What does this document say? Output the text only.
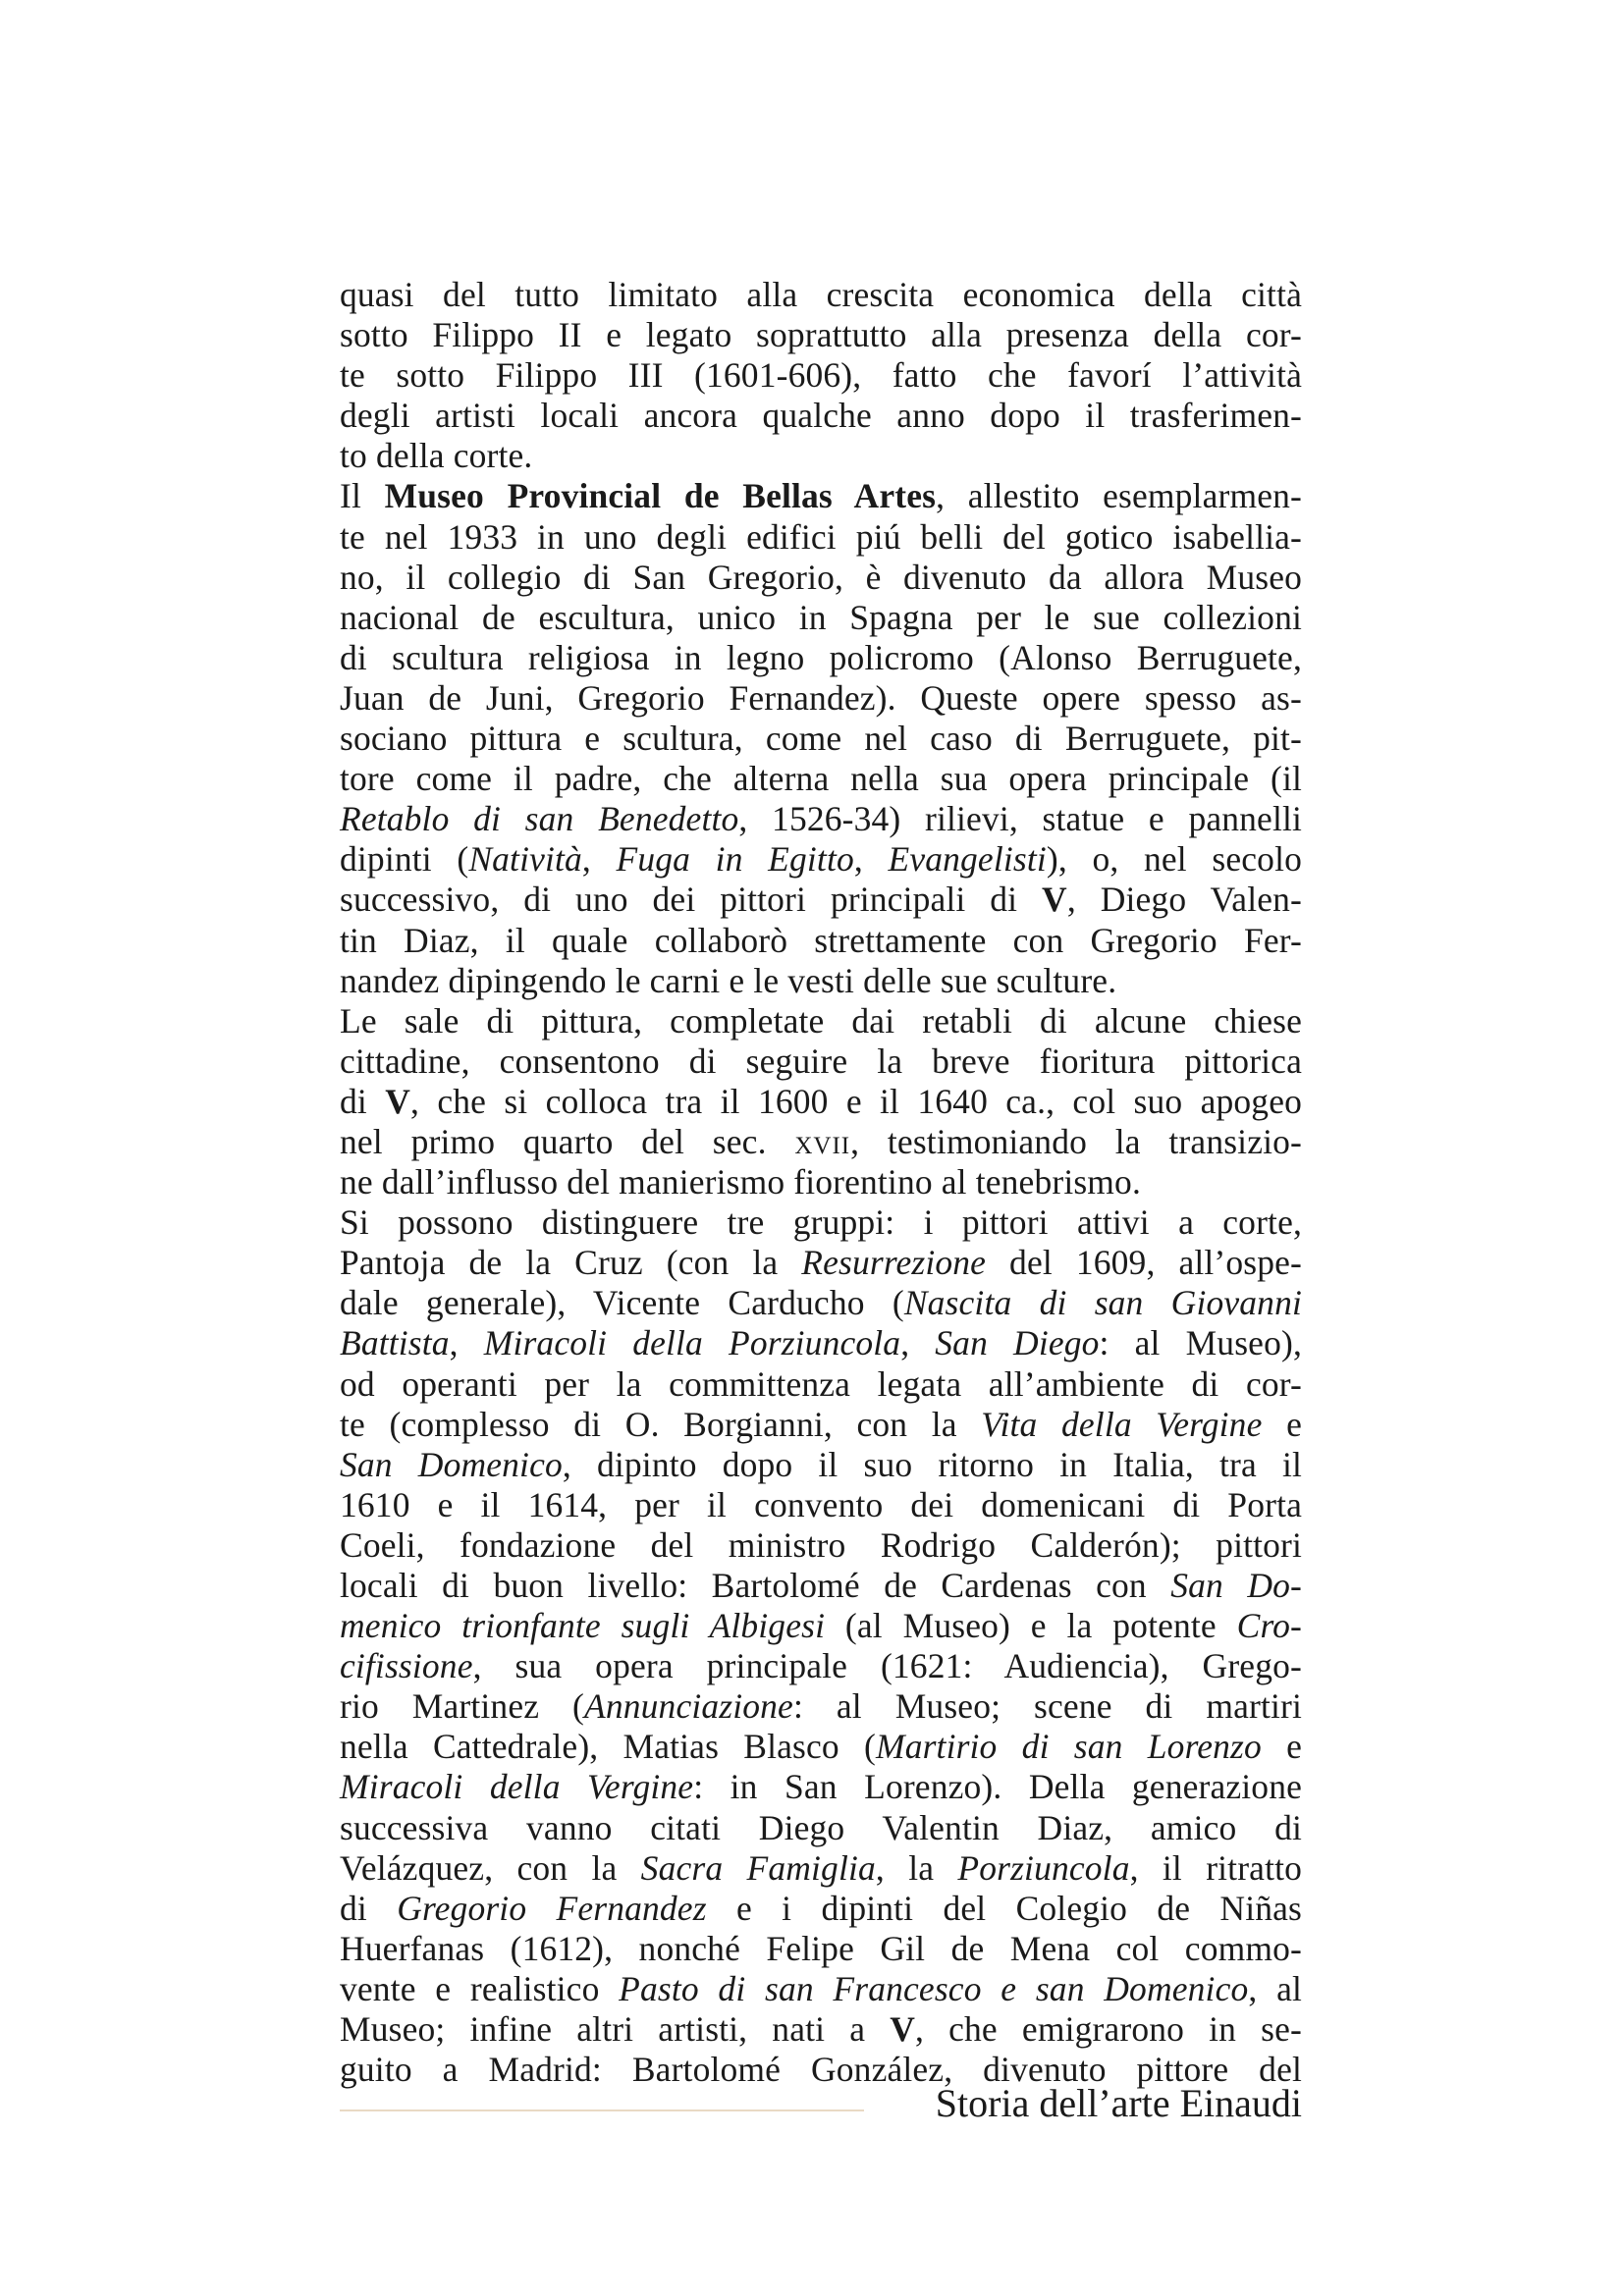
quasi del tutto limitato alla crescita economica della città
sotto Filippo II e legato soprattutto alla presenza della cor-
te sotto Filippo III (1601-606), fatto che favorí l’attività
degli artisti locali ancora qualche anno dopo il trasferimen-
to della corte.
Il Museo Provincial de Bellas Artes, allestito esemplarmen-
te nel 1933 in uno degli edifici piú belli del gotico isabellia-
no, il collegio di San Gregorio, è divenuto da allora Museo
nacional de escultura, unico in Spagna per le sue collezioni
di scultura religiosa in legno policromo (Alonso Berruguete,
Juan de Juni, Gregorio Fernandez). Queste opere spesso as-
sociano pittura e scultura, come nel caso di Berruguete, pit-
tore come il padre, che alterna nella sua opera principale (il
Retablo di san Benedetto, 1526-34) rilievi, statue e pannelli
dipinti (Natività, Fuga in Egitto, Evangelisti), o, nel secolo
successivo, di uno dei pittori principali di V, Diego Valen-
tin Diaz, il quale collaborò strettamente con Gregorio Fer-
nandez dipingendo le carni e le vesti delle sue sculture.
Le sale di pittura, completate dai retabli di alcune chiese
cittadine, consentono di seguire la breve fioritura pittorica
di V, che si colloca tra il 1600 e il 1640 ca., col suo apogeo
nel primo quarto del sec. xvii, testimoniando la transizio-
ne dall’influsso del manierismo fiorentino al tenebrismo.
Si possono distinguere tre gruppi: i pittori attivi a corte,
Pantoja de la Cruz (con la Resurrezione del 1609, all’ospe-
dale generale), Vicente Carducho (Nascita di san Giovanni
Battista, Miracoli della Porziuncola, San Diego: al Museo),
od operanti per la committenza legata all’ambiente di cor-
te (complesso di O. Borgianni, con la Vita della Vergine e
San Domenico, dipinto dopo il suo ritorno in Italia, tra il
1610 e il 1614, per il convento dei domenicani di Porta
Coeli, fondazione del ministro Rodrigo Calderón); pittori
locali di buon livello: Bartolomé de Cardenas con San Do-
menico trionfante sugli Albigesi (al Museo) e la potente Cro-
cifissione, sua opera principale (1621: Audiencia), Grego-
rio Martinez (Annunciazione: al Museo; scene di martiri
nella Cattedrale), Matias Blasco (Martirio di san Lorenzo e
Miracoli della Vergine: in San Lorenzo). Della generazione
successiva vanno citati Diego Valentin Diaz, amico di
Velázquez, con la Sacra Famiglia, la Porziuncola, il ritratto
di Gregorio Fernandez e i dipinti del Colegio de Niñas
Huerfanas (1612), nonché Felipe Gil de Mena col commo-
vente e realistico Pasto di san Francesco e san Domenico, al
Museo; infine altri artisti, nati a V, che emigrarono in se-
guito a Madrid: Bartolomé González, divenuto pittore del
Storia dell’arte Einaudi
